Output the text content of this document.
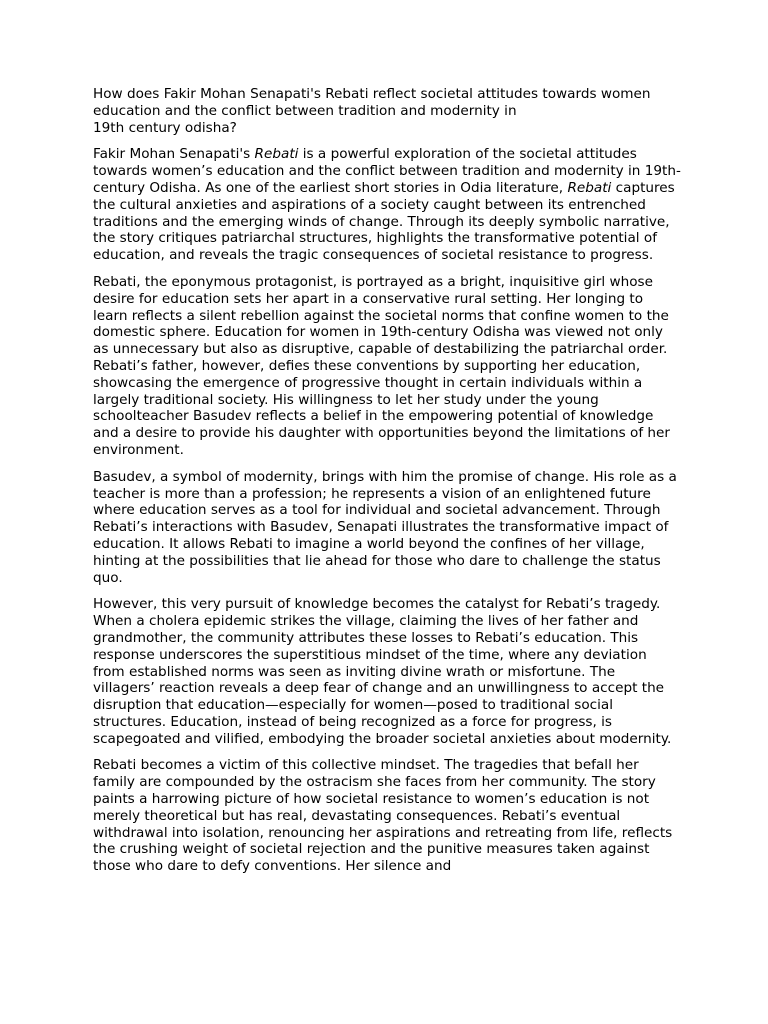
How does Fakir Mohan Senapati's Rebati reflect societal attitudes towards women
education and the conflict between tradition and modernity in
19th century odisha?

Fakir Mohan Senapati's Rebati is a powerful exploration of the societal attitudes towards women’s education and the conflict between tradition and modernity in 19th-century Odisha. As one of the earliest short stories in Odia literature, Rebati captures the cultural anxieties and aspirations of a society caught between its entrenched traditions and the emerging winds of change. Through its deeply symbolic narrative, the story critiques patriarchal structures, highlights the transformative potential of education, and reveals the tragic consequences of societal resistance to progress.

Rebati, the eponymous protagonist, is portrayed as a bright, inquisitive girl whose desire for education sets her apart in a conservative rural setting. Her longing to learn reflects a silent rebellion against the societal norms that confine women to the domestic sphere. Education for women in 19th-century Odisha was viewed not only as unnecessary but also as disruptive, capable of destabilizing the patriarchal order. Rebati’s father, however, defies these conventions by supporting her education, showcasing the emergence of progressive thought in certain individuals within a largely traditional society. His willingness to let her study under the young schoolteacher Basudev reflects a belief in the empowering potential of knowledge and a desire to provide his daughter with opportunities beyond the limitations of her environment.

Basudev, a symbol of modernity, brings with him the promise of change. His role as a teacher is more than a profession; he represents a vision of an enlightened future where education serves as a tool for individual and societal advancement. Through Rebati’s interactions with Basudev, Senapati illustrates the transformative impact of education. It allows Rebati to imagine a world beyond the confines of her village, hinting at the possibilities that lie ahead for those who dare to challenge the status quo.

However, this very pursuit of knowledge becomes the catalyst for Rebati’s tragedy. When a cholera epidemic strikes the village, claiming the lives of her father and grandmother, the community attributes these losses to Rebati’s education. This response underscores the superstitious mindset of the time, where any deviation from established norms was seen as inviting divine wrath or misfortune. The villagers’ reaction reveals a deep fear of change and an unwillingness to accept the disruption that education—especially for women—posed to traditional social structures. Education, instead of being recognized as a force for progress, is scapegoated and vilified, embodying the broader societal anxieties about modernity.

Rebati becomes a victim of this collective mindset. The tragedies that befall her family are compounded by the ostracism she faces from her community. The story paints a harrowing picture of how societal resistance to women’s education is not merely theoretical but has real, devastating consequences. Rebati’s eventual withdrawal into isolation, renouncing her aspirations and retreating from life, reflects the crushing weight of societal rejection and the punitive measures taken against those who dare to defy conventions. Her silence and
